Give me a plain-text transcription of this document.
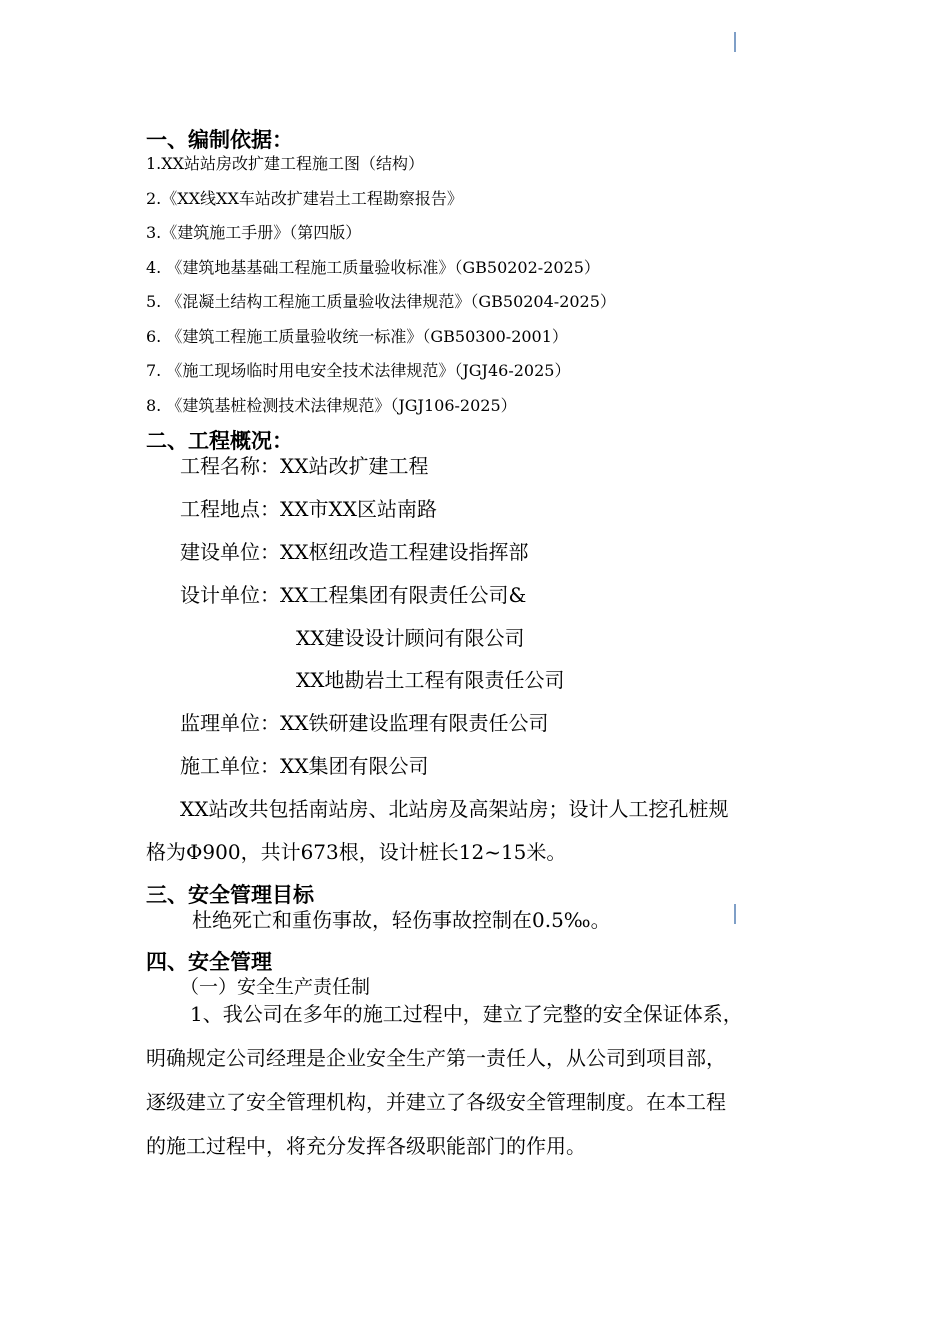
一、编制依据：
1.XX站站房改扩建工程施工图（结构）
2.《XX线XX车站改扩建岩土工程勘察报告》
3.《建筑施工手册》（第四版）
4. 《建筑地基基础工程施工质量验收标准》（GB50202-2025）
5. 《混凝土结构工程施工质量验收法律规范》（GB50204-2025）
6. 《建筑工程施工质量验收统一标准》（GB50300-2001）
7. 《施工现场临时用电安全技术法律规范》（JGJ46-2025）
8. 《建筑基桩检测技术法律规范》（JGJ106-2025）
二、工程概况：
工程名称：XX站改扩建工程
工程地点：XX市XX区站南路
建设单位：XX枢纽改造工程建设指挥部
设计单位：XX工程集团有限责任公司&
XX建设设计顾问有限公司
XX地勘岩土工程有限责任公司
监理单位：XX铁研建设监理有限责任公司
施工单位：XX集团有限公司
XX站改共包括南站房、北站房及高架站房；设计人工挖孔桩规
格为Φ900，共计673根，设计桩长12~15米。
三、安全管理目标
杜绝死亡和重伤事故，轻伤事故控制在0.5‰。
四、安全管理
（一）安全生产责任制
1、我公司在多年的施工过程中，建立了完整的安全保证体系，
明确规定公司经理是企业安全生产第一责任人，从公司到项目部，
逐级建立了安全管理机构，并建立了各级安全管理制度。在本工程
的施工过程中，将充分发挥各级职能部门的作用。
